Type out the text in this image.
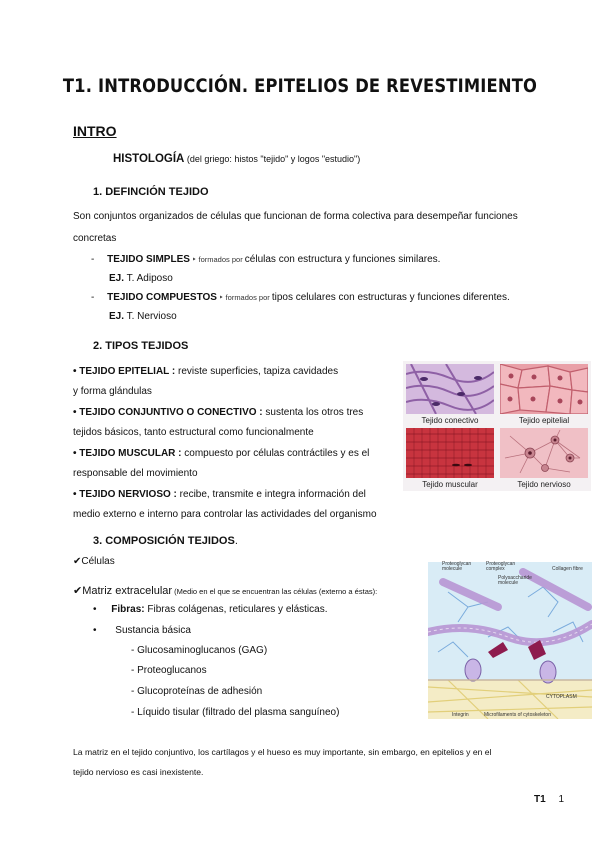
T1. INTRODUCCIÓN. EPITELIOS DE REVESTIMIENTO
INTRO
HISTOLOGÍA (del griego: histos "tejido" y logos "estudio")
1. DEFINCIÓN TEJIDO
Son conjuntos organizados de células que funcionan de forma colectiva para desempeñar funciones
concretas
- TEJIDO SIMPLES ‣ formados por células con estructura y funciones similares.
EJ. T. Adiposo
- TEJIDO COMPUESTOS ‣ formados por tipos celulares con estructuras y funciones diferentes.
EJ. T. Nervioso
2. TIPOS TEJIDOS
• TEJIDO EPITELIAL : reviste superficies, tapiza cavidades
y forma glándulas
• TEJIDO CONJUNTIVO O CONECTIVO : sustenta los otros tres
tejidos básicos, tanto estructural como funcionalmente
• TEJIDO MUSCULAR : compuesto por células contráctiles y es el
responsable del movimiento
• TEJIDO NERVIOSO : recibe, transmite e integra información del
medio externo e interno para controlar las actividades del organismo
Tejido conectivo	Tejido epitelial
Tejido muscular	Tejido nervioso
3. COMPOSICIÓN TEJIDOS.
✔Células
✔Matriz extracelular (Medio en el que se encuentran las células (externo a éstas):
• Fibras: Fibras colágenas, reticulares y elásticas.
• Sustancia básica
- Glucosaminoglucanos (GAG)
- Proteoglucanos
- Glucoproteínas de adhesión
- Líquido tisular (filtrado del plasma sanguíneo)
Proteoglycan molecule
Proteoglycan complex
Polysaccharide molecule
Collagen fibre
CYTOPLASM
Integrin	Microfilaments of cytoskeleton
La matriz en el tejido conjuntivo, los cartílagos y el hueso es muy importante, sin embargo, en epitelios y en el
tejido nervioso es casi inexistente.
T1 1
